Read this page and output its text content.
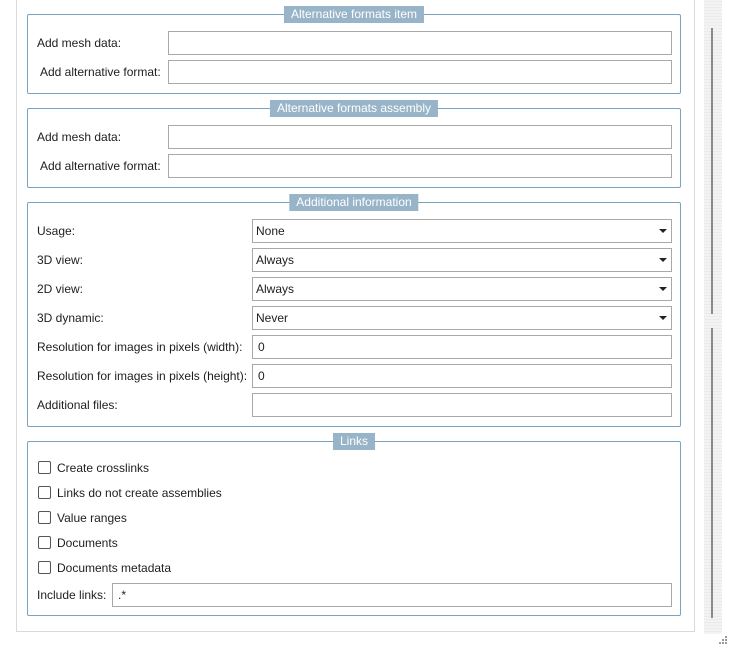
Alternative formats item
Add mesh data:
Add alternative format:
Alternative formats assembly
Add mesh data:
Add alternative format:
Additional information
Usage:	None
3D view:	Always
2D view:	Always
3D dynamic:	Never
Resolution for images in pixels (width):
0
Resolution for images in pixels (height):
0
Additional files:
Links
Create crosslinks
Links do not create assemblies
Value ranges
Documents
Documents metadata
Include links:
.*
